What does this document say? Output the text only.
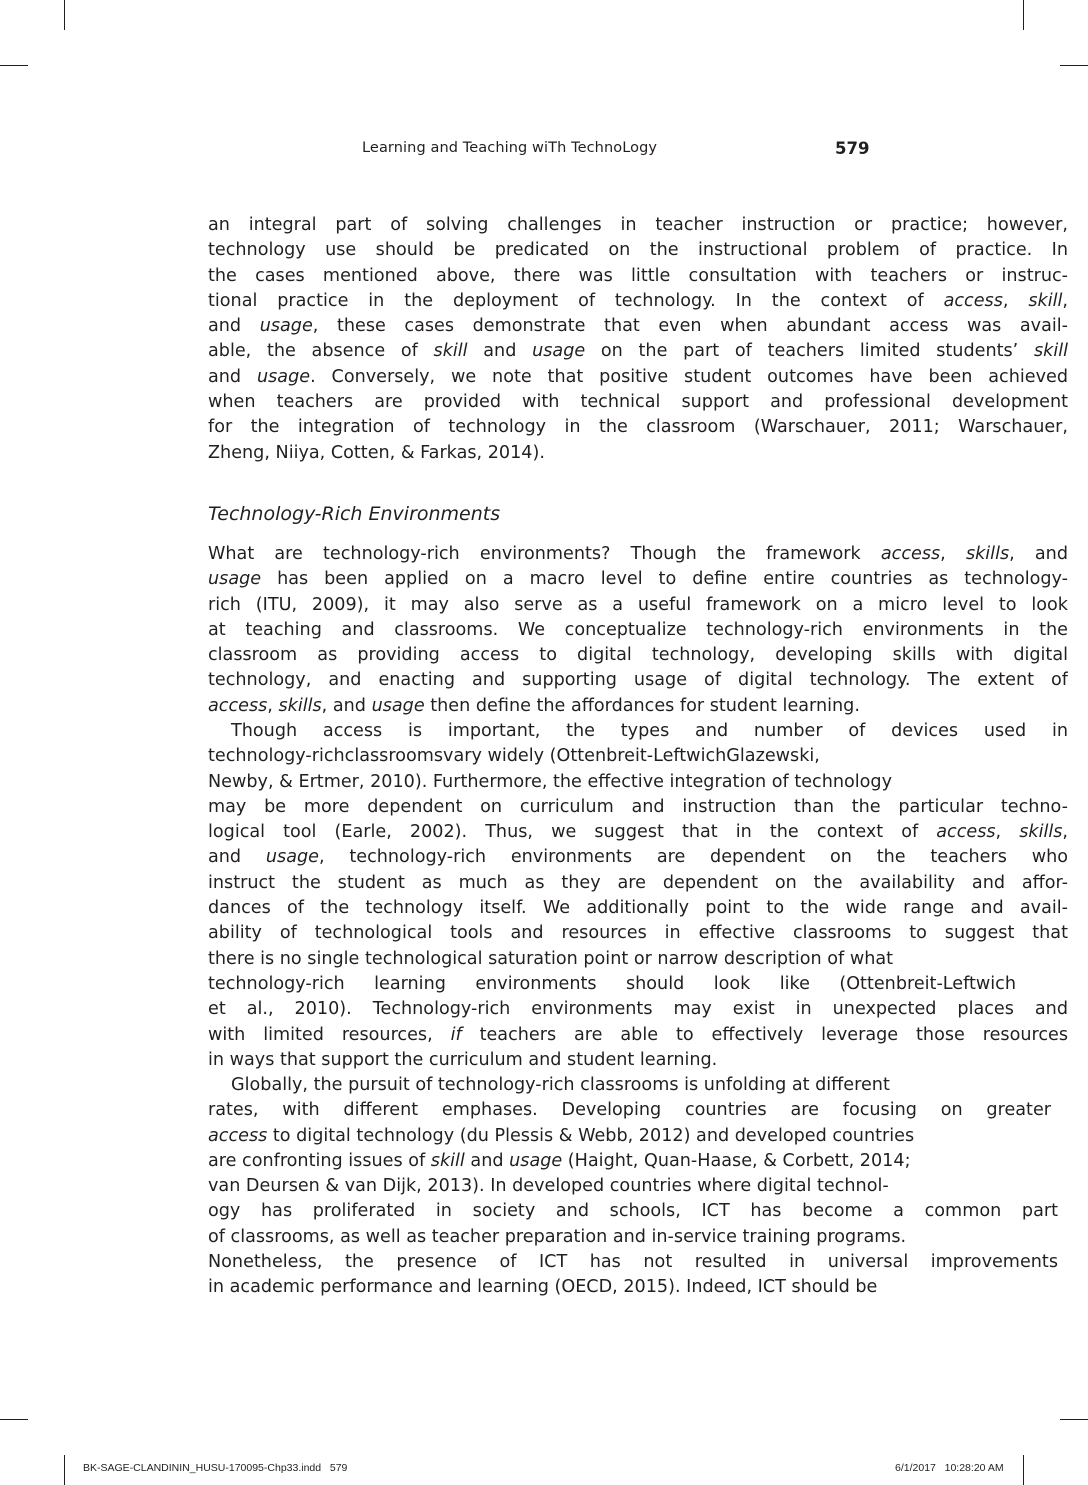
Learning and Teaching wiTh TechnoLogy	579
an integral part of solving challenges in teacher instruction or practice; however,
technology use should be predicated on the instructional problem of practice. In
the cases mentioned above, there was little consultation with teachers or instruc-
tional practice in the deployment of technology. In the context of access, skill,
and usage, these cases demonstrate that even when abundant access was avail-
able, the absence of skill and usage on the part of teachers limited students’ skill
and usage. Conversely, we note that positive student outcomes have been achieved
when teachers are provided with technical support and professional development
for the integration of technology in the classroom (Warschauer, 2011; Warschauer,
Zheng, Niiya, Cotten, & Farkas, 2014).
Technology-Rich Environments
What are technology-rich environments? Though the framework access, skills, and
usage has been applied on a macro level to define entire countries as technology-
rich (ITU, 2009), it may also serve as a useful framework on a micro level to look
at teaching and classrooms. We conceptualize technology-rich environments in the
classroom as providing access to digital technology, developing skills with digital
technology, and enacting and supporting usage of digital technology. The extent of
access, skills, and usage then define the affordances for student learning.
Though access is important, the types and number of devices used in
technology-richclassroomsvary widely (Ottenbreit-LeftwichGlazewski,
Newby, & Ertmer, 2010). Furthermore, the effective integration of technology
may be more dependent on curriculum and instruction than the particular techno-
logical tool (Earle, 2002). Thus, we suggest that in the context of access, skills,
and usage, technology-rich environments are dependent on the teachers who
instruct the student as much as they are dependent on the availability and affor-
dances of the technology itself. We additionally point to the wide range and avail-
ability of technological tools and resources in effective classrooms to suggest that
there is no single technological saturation point or narrow description of what
technology-rich learning environments should look like (Ottenbreit-Leftwich
et al., 2010). Technology-rich environments may exist in unexpected places and
with limited resources, if teachers are able to effectively leverage those resources
in ways that support the curriculum and student learning.
Globally, the pursuit of technology-rich classrooms is unfolding at different
rates, with different emphases. Developing countries are focusing on greater
access to digital technology (du Plessis & Webb, 2012) and developed countries
are confronting issues of skill and usage (Haight, Quan-Haase, & Corbett, 2014;
van Deursen & van Dijk, 2013). In developed countries where digital technol-
ogy has proliferated in society and schools, ICT has become a common part
of classrooms, as well as teacher preparation and in-service training programs.
Nonetheless, the presence of ICT has not resulted in universal improvements
in academic performance and learning (OECD, 2015). Indeed, ICT should be
BK-SAGE-CLANDININ_HUSU-170095-Chp33.indd   579	6/1/2017   10:28:20 AM
